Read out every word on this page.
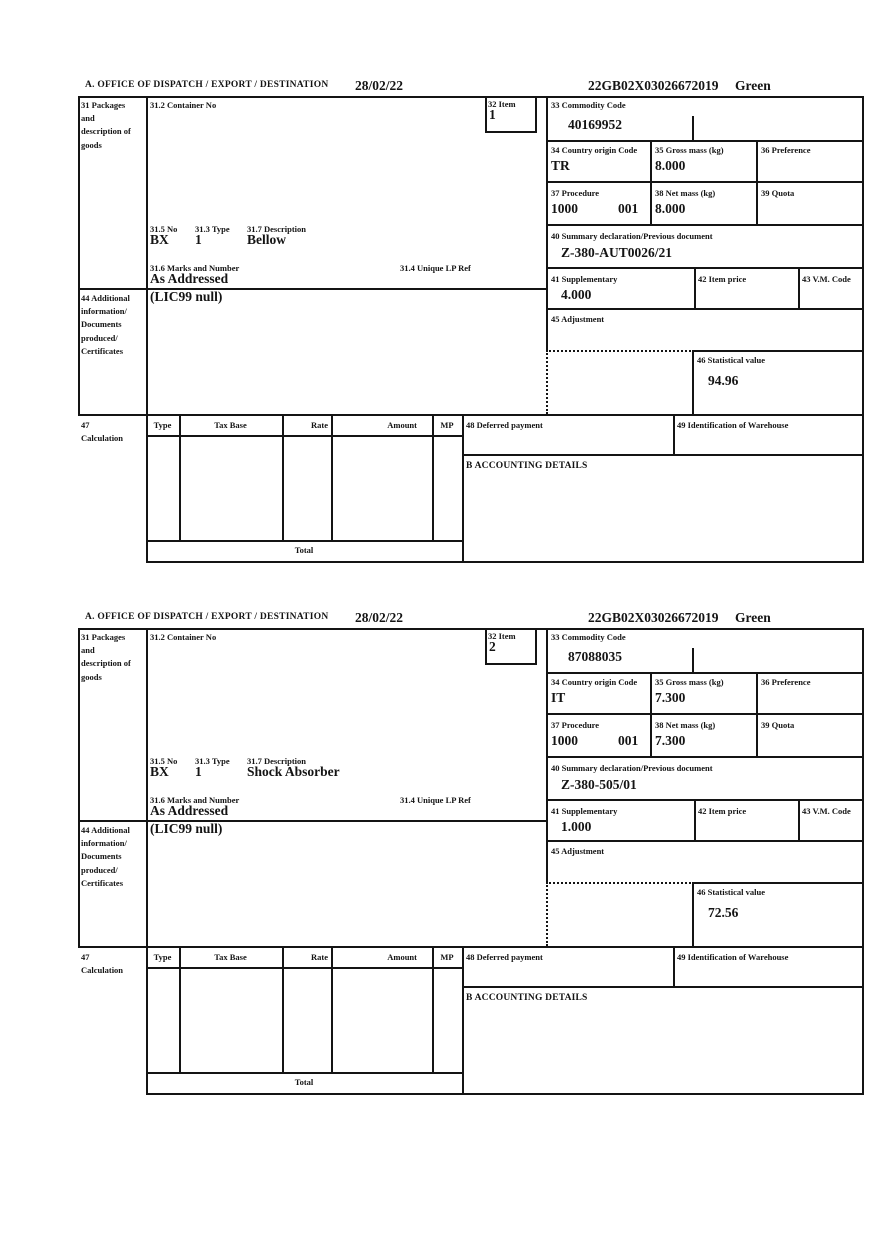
A. OFFICE OF DISPATCH / EXPORT / DESTINATION 28/02/22	22GB02X03026672019 Green
31 Packages and description of goods
31.2 Container No	32 Item
1
33 Commodity Code
40169952
34 Country origin Code
TR
35 Gross mass (kg)
8.000
36 Preference
37 Procedure
1000	001
38 Net mass (kg)
8.000
39 Quota
40 Summary declaration/Previous document
Z-380-AUT0026/21
41 Supplementary
4.000
42 Item price	43 V.M. Code
45 Adjustment
46 Statistical value
94.96
31.5 No 31.3 Type 31.7 Description
BX 1	Bellow
31.6 Marks and Number	31.4 Unique LP Ref
As Addressed
44 Additional information/ Documents produced/ Certificates
(LIC99 null)
47 Calculation
Type	Tax Base	Rate	Amount	MP	48 Deferred payment	49 Identification of Warehouse
B ACCOUNTING DETAILS
Total
A. OFFICE OF DISPATCH / EXPORT / DESTINATION 28/02/22	22GB02X03026672019 Green
31 Packages and description of goods
31.2 Container No	32 Item
2
33 Commodity Code
87088035
34 Country origin Code
IT
35 Gross mass (kg)
7.300
36 Preference
37 Procedure
1000	001
38 Net mass (kg)
7.300
39 Quota
40 Summary declaration/Previous document
Z-380-505/01
41 Supplementary
1.000
42 Item price	43 V.M. Code
45 Adjustment
46 Statistical value
72.56
31.5 No 31.3 Type 31.7 Description
BX 1	Shock Absorber
31.6 Marks and Number	31.4 Unique LP Ref
As Addressed
44 Additional information/ Documents produced/ Certificates
(LIC99 null)
47 Calculation
Type	Tax Base	Rate	Amount	MP	48 Deferred payment	49 Identification of Warehouse
B ACCOUNTING DETAILS
Total
